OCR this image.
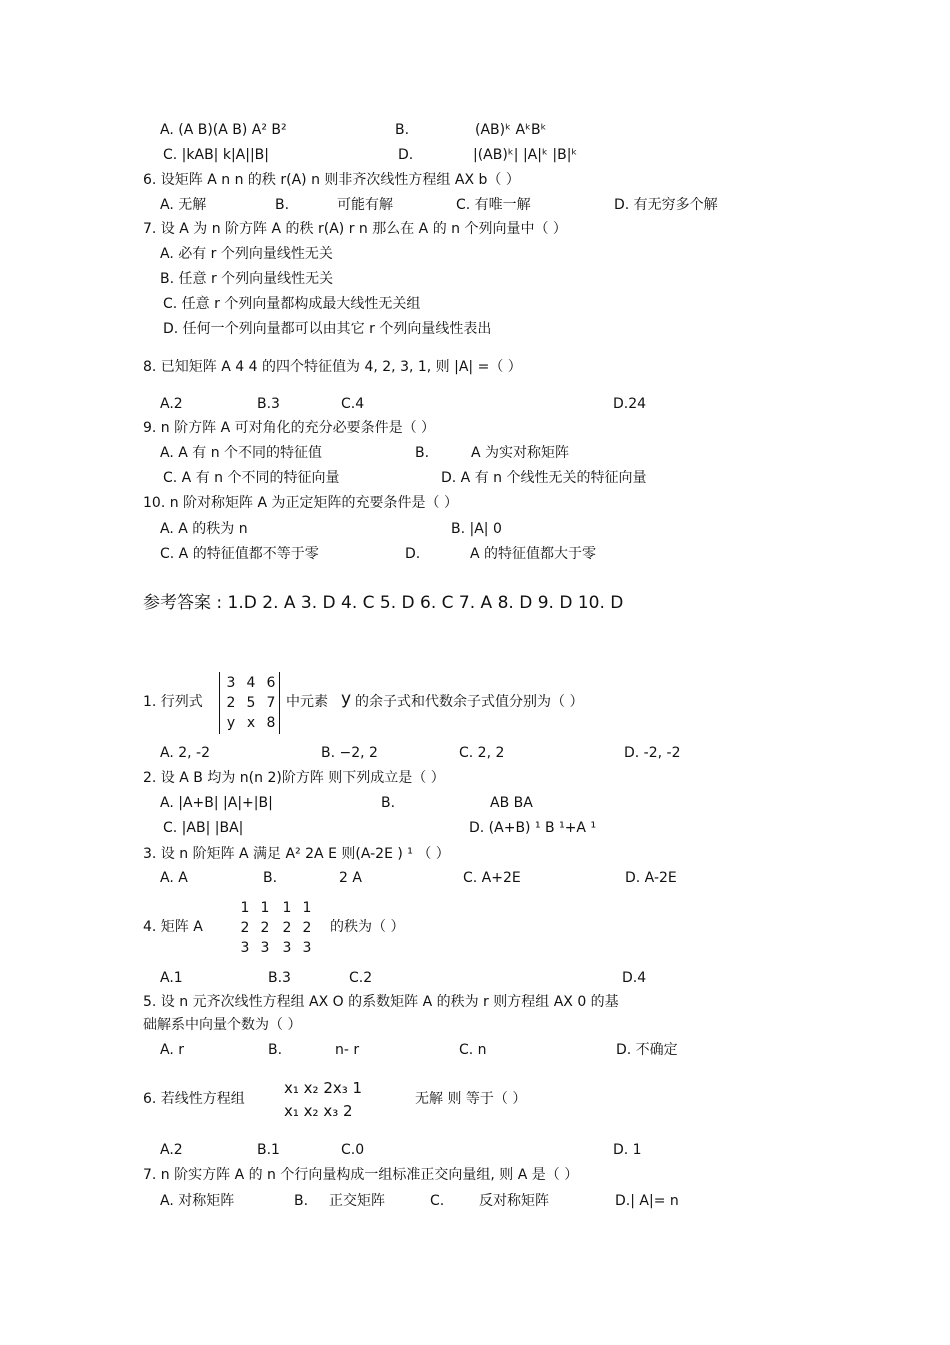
A. (A B)(A B) A² B²	B.	(AB)ᵏ AᵏBᵏ
C. |kAB| k|A||B|	D.	|(AB)ᵏ| |A|ᵏ |B|ᵏ
6. 设矩阵 A n n 的秩 r(A) n 则非齐次线性方程组 AX b（ ）
A. 无解	B.	可能有解	C. 有唯一解	D. 有无穷多个解
7. 设 A 为 n 阶方阵 A 的秩 r(A) r n 那么在 A 的 n 个列向量中（ ）
A. 必有 r 个列向量线性无关
B. 任意 r 个列向量线性无关
C. 任意 r 个列向量都构成最大线性无关组
D. 任何一个列向量都可以由其它 r 个列向量线性表出
8. 已知矩阵 A 4 4 的四个特征值为 4, 2, 3, 1, 则 |A| =（ ）
A.2	B.3	C.4	D.24
9. n 阶方阵 A 可对角化的充分必要条件是（ ）
A. A 有 n 个不同的特征值	B.	A 为实对称矩阵
C. A 有 n 个不同的特征向量	D. A 有 n 个线性无关的特征向量
10. n 阶对称矩阵 A 为正定矩阵的充要条件是（ ）
A. A 的秩为 n	B. |A| 0
C. A 的特征值都不等于零	D.	A 的特征值都大于零
参考答案 : 1.D 2. A 3. D 4. C 5. D 6. C 7. A 8. D 9. D 10. D
1. 行列式
3 4 6
2 5 7
y x 8
中元素 y 的余子式和代数余子式值分别为（ ）
A. 2, -2	B. −2, 2	C. 2, 2	D. -2, -2
2. 设 A B 均为 n(n 2)阶方阵 则下列成立是（ ）
A. |A+B| |A|+|B|	B.	AB BA
C. |AB| |BA|	D. (A+B) ¹ B ¹+A ¹
3. 设 n 阶矩阵 A 满足 A² 2A E 则(A-2E ) ¹ （ ）
A. A	B.	2 A	C. A+2E	D. A-2E
4. 矩阵 A
1 1 1 1
2 2 2 2
3 3 3 3
的秩为（ ）
A.1	B.3	C.2	D.4
5. 设 n 元齐次线性方程组 AX O 的系数矩阵 A 的秩为 r 则方程组 AX 0 的基
础解系中向量个数为（ ）
A. r	B.	n- r	C. n	D. 不确定
6. 若线性方程组
x₁ x₂ 2x₃ 1
x₁ x₂ x₃ 2
无解 则 等于（ ）
A.2	B.1	C.0	D. 1
7. n 阶实方阵 A 的 n 个行向量构成一组标准正交向量组, 则 A 是（ ）
A. 对称矩阵	B. 正交矩阵	C. 反对称矩阵	D.| A|= n
